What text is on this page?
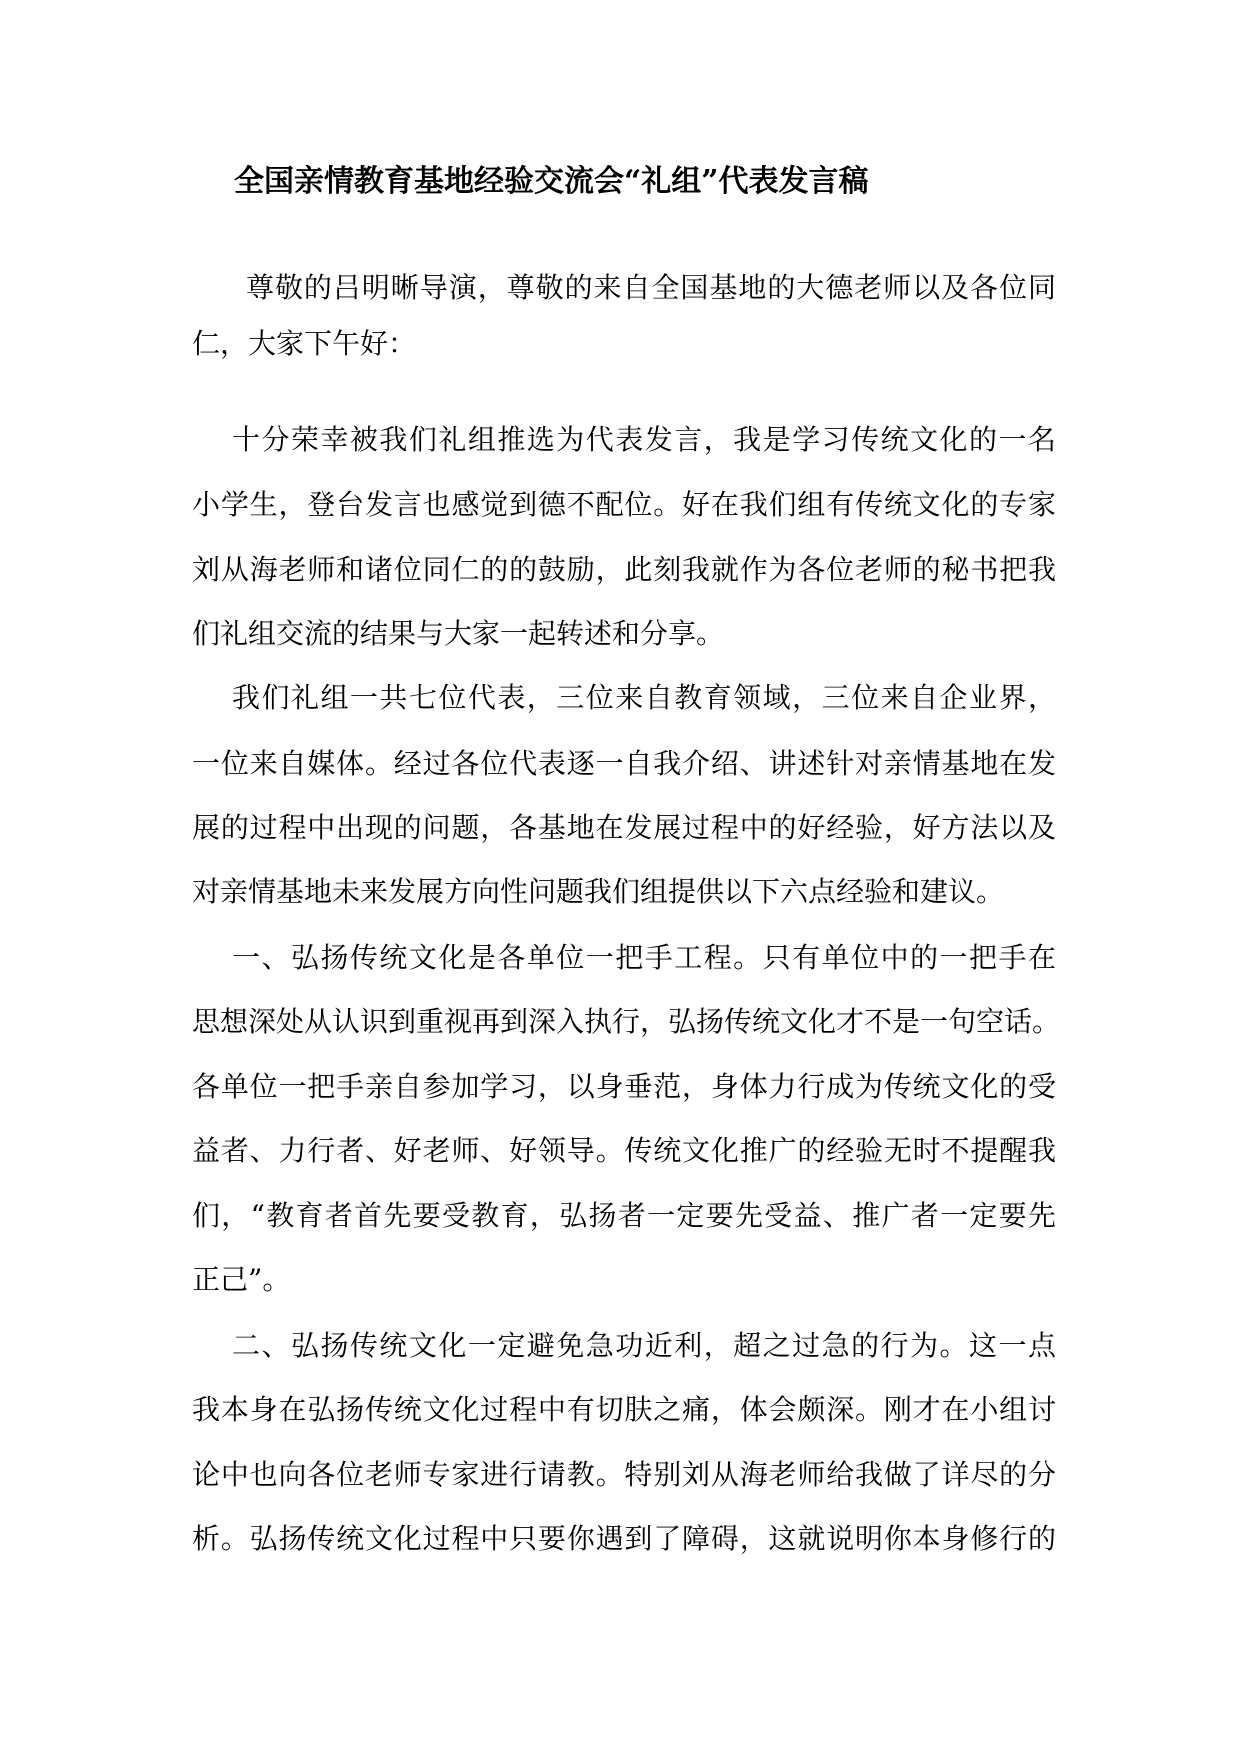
全国亲情教育基地经验交流会“礼组”代表发言稿

尊敬的吕明晰导演，尊敬的来自全国基地的大德老师以及各位同

仁，大家下午好：

十分荣幸被我们礼组推选为代表发言，我是学习传统文化的一名

小学生，登台发言也感觉到德不配位。好在我们组有传统文化的专家

刘从海老师和诸位同仁的的鼓励，此刻我就作为各位老师的秘书把我

们礼组交流的结果与大家一起转述和分享。

我们礼组一共七位代表，三位来自教育领域，三位来自企业界，

一位来自媒体。经过各位代表逐一自我介绍、讲述针对亲情基地在发

展的过程中出现的问题，各基地在发展过程中的好经验，好方法以及

对亲情基地未来发展方向性问题我们组提供以下六点经验和建议。

一、弘扬传统文化是各单位一把手工程。只有单位中的一把手在

思想深处从认识到重视再到深入执行，弘扬传统文化才不是一句空话。

各单位一把手亲自参加学习，以身垂范，身体力行成为传统文化的受

益者、力行者、好老师、好领导。传统文化推广的经验无时不提醒我

们，“教育者首先要受教育，弘扬者一定要先受益、推广者一定要先

正己”。

二、弘扬传统文化一定避免急功近利，超之过急的行为。这一点

我本身在弘扬传统文化过程中有切肤之痛，体会颇深。刚才在小组讨

论中也向各位老师专家进行请教。特别刘从海老师给我做了详尽的分

析。弘扬传统文化过程中只要你遇到了障碍，这就说明你本身修行的
